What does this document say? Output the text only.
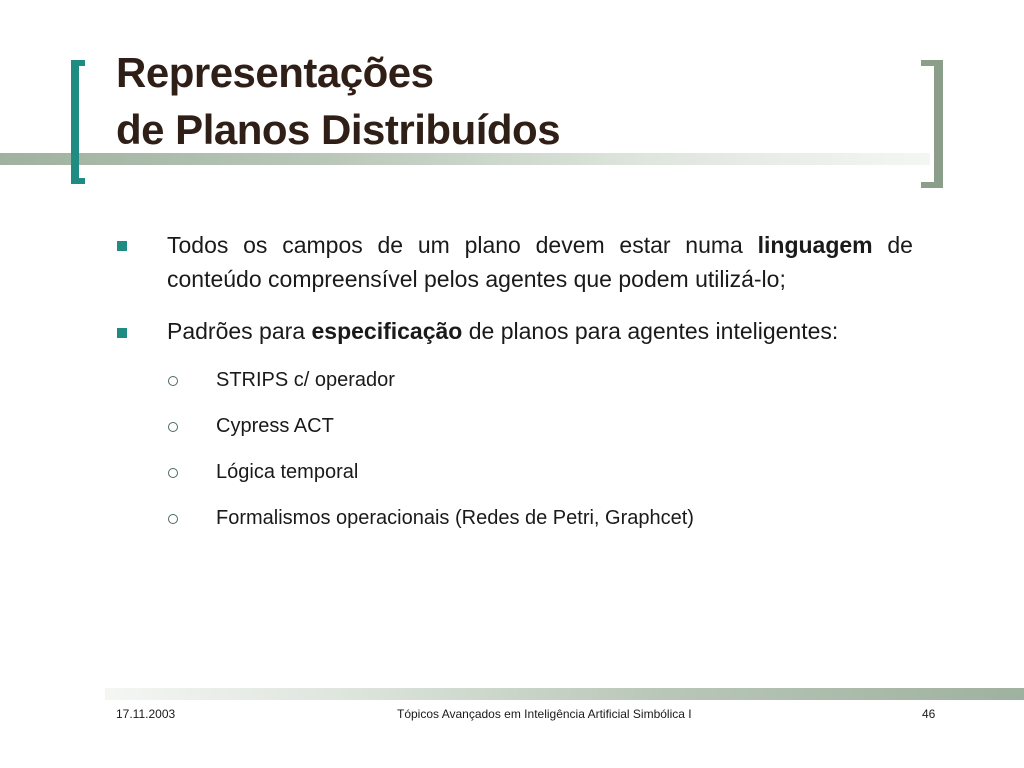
Representações
de Planos Distribuídos
Todos os campos de um plano devem estar numa linguagem de conteúdo compreensível pelos agentes que podem utilizá-lo;
Padrões para especificação de planos para agentes inteligentes:
STRIPS c/ operador
Cypress ACT
Lógica temporal
Formalismos operacionais (Redes de Petri, Graphcet)
17.11.2003	Tópicos Avançados em Inteligência Artificial Simbólica I	46
